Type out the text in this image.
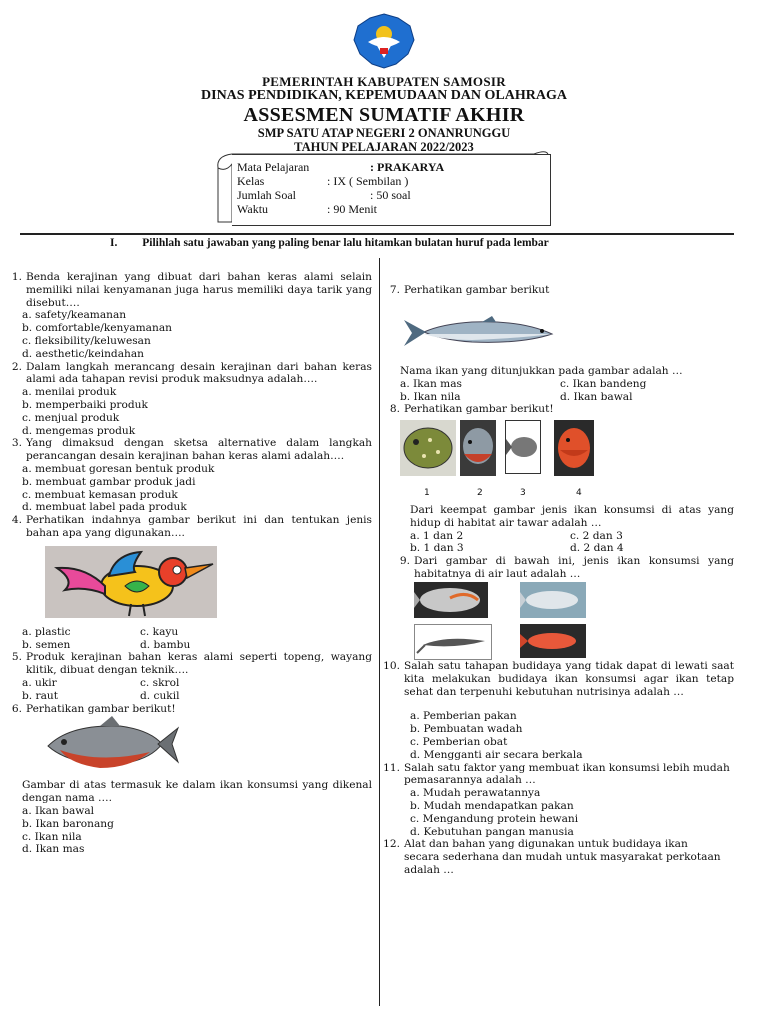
PEMERINTAH KABUPATEN SAMOSIR
DINAS PENDIDIKAN, KEPEMUDAAN DAN OLAHRAGA
ASSESMEN SUMATIF AKHIR
SMP SATU ATAP NEGERI 2 ONANRUNGGU
TAHUN PELAJARAN 2022/2023
Mata Pelajaran	: PRAKARYA
Kelas	: IX ( Sembilan )
Jumlah Soal	: 50 soal
Waktu	: 90 Menit
I. Pilihlah satu jawaban yang paling benar lalu hitamkan bulatan huruf pada lembar
1. Benda kerajinan yang dibuat dari bahan keras alami selain memiliki nilai kenyamanan juga harus memiliki daya tarik yang disebut….
a. safety/keamanan
b. comfortable/kenyamanan
c. fleksibility/keluwesan
d. aesthetic/keindahan
2. Dalam langkah merancang desain kerajinan dari bahan keras alami ada tahapan revisi produk maksudnya adalah….
a. menilai produk
b. memperbaiki produk
c. menjual produk
d. mengemas produk
3. Yang dimaksud dengan sketsa alternative dalam langkah perancangan desain kerajinan bahan keras alami adalah….
a. membuat goresan bentuk produk
b. membuat gambar produk jadi
c. membuat kemasan produk
d. membuat label pada produk
4. Perhatikan indahnya gambar berikut ini dan tentukan jenis bahan apa yang digunakan….
a. plastic	c. kayu
b. semen	d. bambu
5. Produk kerajinan bahan keras alami seperti topeng, wayang klitik, dibuat dengan teknik….
a. ukir	c. skrol
b. raut	d. cukil
6. Perhatikan gambar berikut!
Gambar di atas termasuk ke dalam ikan konsumsi yang dikenal dengan nama ….
a. Ikan bawal
b. Ikan baronang
c. Ikan nila
d. Ikan mas
7. Perhatikan gambar berikut
Nama ikan yang ditunjukkan pada gambar adalah …
a. Ikan mas	c. Ikan bandeng
b. Ikan nila	d. Ikan bawal
8. Perhatikan gambar berikut!
1	2	3	4
Dari keempat gambar jenis ikan konsumsi di atas yang hidup di habitat air tawar adalah …
a. 1 dan 2	c. 2 dan 3
b. 1 dan 3	d. 2 dan 4
9. Dari gambar di bawah ini, jenis ikan konsumsi yang habitatnya di air laut adalah …
10. Salah satu tahapan budidaya yang tidak dapat di lewati saat kita melakukan budidaya ikan konsumsi agar ikan tetap sehat dan terpenuhi kebutuhan nutrisinya adalah …
a. Pemberian pakan
b. Pembuatan wadah
c. Pemberian obat
d. Mengganti air secara berkala
11. Salah satu faktor yang membuat ikan konsumsi lebih mudah pemasarannya adalah …
a. Mudah perawatannya
b. Mudah mendapatkan pakan
c. Mengandung protein hewani
d. Kebutuhan pangan manusia
12. Alat dan bahan yang digunakan untuk budidaya ikan secara sederhana dan mudah untuk masyarakat perkotaan adalah …
